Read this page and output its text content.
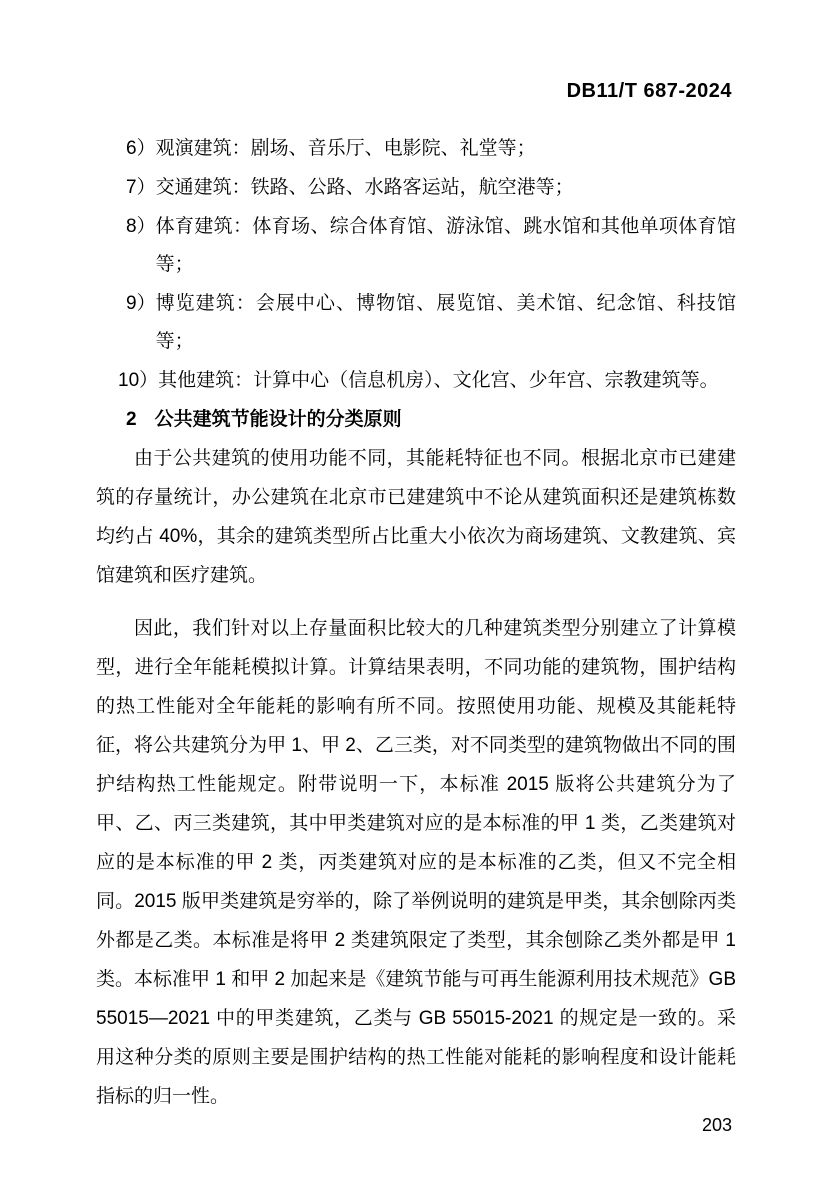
DB11/T 687-2024
6） 观演建筑：剧场、音乐厅、电影院、礼堂等；
7） 交通建筑：铁路、公路、水路客运站，航空港等；
8） 体育建筑：体育场、综合体育馆、游泳馆、跳水馆和其他单项体育馆等；
9） 博览建筑：会展中心、博物馆、展览馆、美术馆、纪念馆、科技馆等；
10） 其他建筑：计算中心（信息机房）、文化宫、少年宫、宗教建筑等。
2 公共建筑节能设计的分类原则

由于公共建筑的使用功能不同，其能耗特征也不同。根据北京市已建建筑的存量统计，办公建筑在北京市已建建筑中不论从建筑面积还是建筑栋数均约占 40%，其余的建筑类型所占比重大小依次为商场建筑、文教建筑、宾馆建筑和医疗建筑。

因此，我们针对以上存量面积比较大的几种建筑类型分别建立了计算模型，进行全年能耗模拟计算。计算结果表明，不同功能的建筑物，围护结构的热工性能对全年能耗的影响有所不同。按照使用功能、规模及其能耗特征，将公共建筑分为甲 1、甲 2、乙三类，对不同类型的建筑物做出不同的围护结构热工性能规定。附带说明一下，本标准 2015 版将公共建筑分为了甲、乙、丙三类建筑，其中甲类建筑对应的是本标准的甲 1 类，乙类建筑对应的是本标准的甲 2 类，丙类建筑对应的是本标准的乙类，但又不完全相同。2015 版甲类建筑是穷举的，除了举例说明的建筑是甲类，其余刨除丙类外都是乙类。本标准是将甲 2 类建筑限定了类型，其余刨除乙类外都是甲 1 类。本标准甲 1 和甲 2 加起来是《建筑节能与可再生能源利用技术规范》GB 55015—2021 中的甲类建筑，乙类与 GB 55015-2021 的规定是一致的。采用这种分类的原则主要是围护结构的热工性能对能耗的影响程度和设计能耗指标的归一性。

203
